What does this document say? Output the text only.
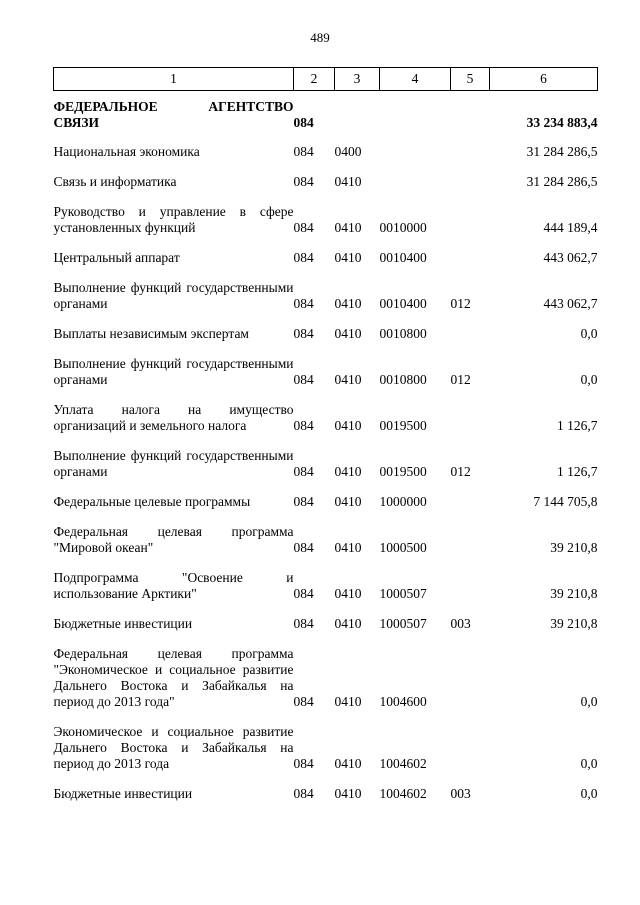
489
1	2	3	4	5	6
ФЕДЕРАЛЬНОЕ АГЕНТСТВО СВЯЗИ	084				33 234 883,4
Национальная экономика	084	0400			31 284 286,5
Связь и информатика	084	0410			31 284 286,5
Руководство и управление в сфере установленных функций	084	0410	0010000		444 189,4
Центральный аппарат	084	0410	0010400		443 062,7
Выполнение функций государственными органами	084	0410	0010400	012	443 062,7
Выплаты независимым экспертам	084	0410	0010800		0,0
Выполнение функций государственными органами	084	0410	0010800	012	0,0
Уплата налога на имущество организаций и земельного налога	084	0410	0019500		1 126,7
Выполнение функций государственными органами	084	0410	0019500	012	1 126,7
Федеральные целевые программы	084	0410	1000000		7 144 705,8
Федеральная целевая программа "Мировой океан"	084	0410	1000500		39 210,8
Подпрограмма "Освоение и использование Арктики"	084	0410	1000507		39 210,8
Бюджетные инвестиции	084	0410	1000507	003	39 210,8
Федеральная целевая программа "Экономическое и социальное развитие Дальнего Востока и Забайкалья на период до 2013 года"	084	0410	1004600		0,0
Экономическое и социальное развитие Дальнего Востока и Забайкалья на период до 2013 года	084	0410	1004602		0,0
Бюджетные инвестиции	084	0410	1004602	003	0,0
